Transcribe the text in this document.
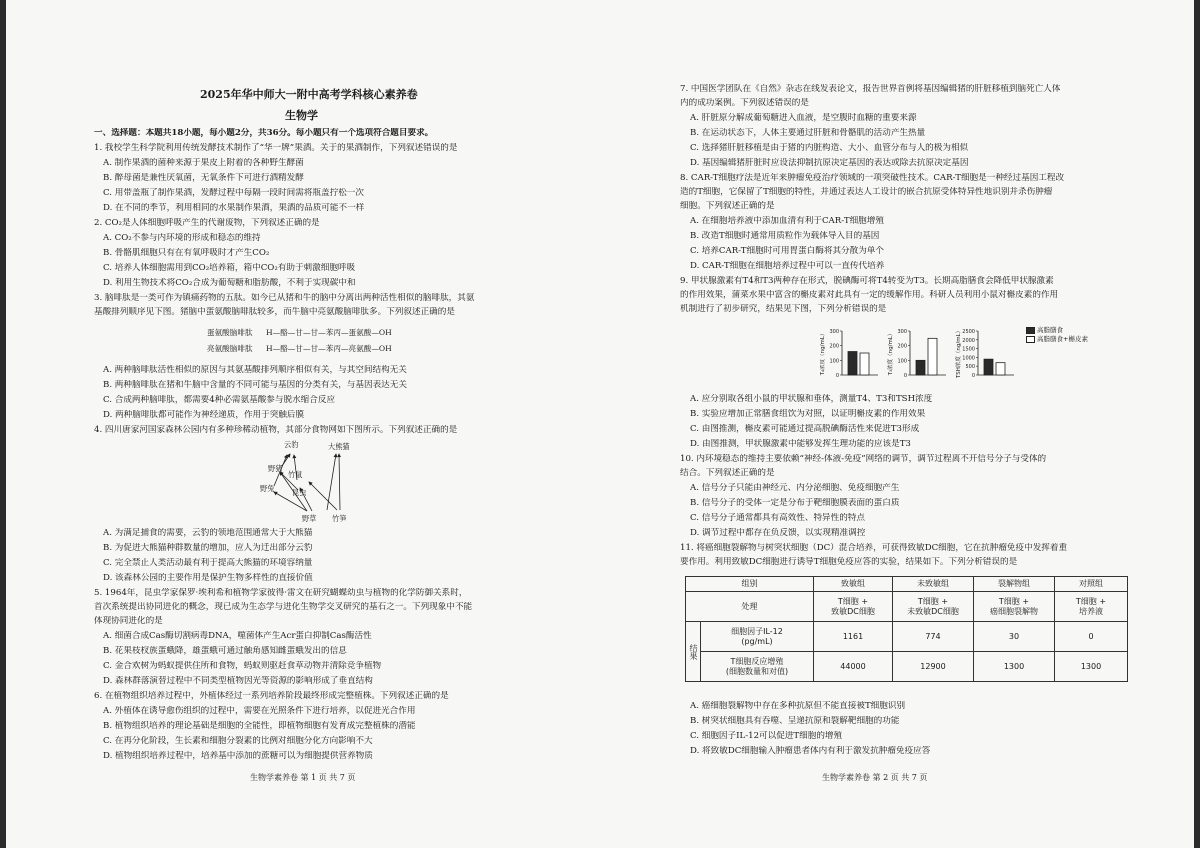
2025年华中师大一附中高考学科核心素养卷
生物学
一、选择题：本题共18小题，每小题2分，共36分。每小题只有一个选项符合题目要求。
1. 我校学生科学院利用传统发酵技术制作了“华一牌”果酒。关于的果酒制作，下列叙述错误的是
A. 制作果酒的菌种来源于果皮上附着的各种野生酵菌
B. 醉母菌是兼性厌氧菌，无氧条件下可进行酒精发酵
C. 用带盖瓶了制作果酒，发酵过程中每隔一段时间需将瓶盖拧松一次
D. 在不同的季节，利用相同的水果制作果酒，果酒的品质可能不一样
2. CO₂是人体细胞呼吸产生的代谢废物，下列叙述正确的是
A. CO₂不参与内环境的形成和稳态的维持
B. 骨骼肌细胞只有在有氧呼吸时才产生CO₂
C. 培养人体细胞需用到CO₂培养箱，箱中CO₂有助于刺激细胞呼吸
D. 利用生物技术将CO₂合成为葡萄糖和脂肪酸，不利于实现碳中和
3. 脑啡肽是一类可作为镇痛药物的五肽。如今已从猪和牛的脑中分离出两种活性相似的脑啡肽，其氨
基酸排列顺序见下图。猪脑中蛋氨酸脑啡肽较多，而牛脑中亮氨酸脑啡肽多。下列叙述正确的是
蛋氨酸脑啡肽 H—酪—甘—甘—苯丙—蛋氨酸—OH
亮氨酸脑啡肽 H—酪—甘—甘—苯丙—亮氨酸—OH
A. 两种脑啡肽活性相似的原因与其氨基酸排列顺序相似有关，与其空间结构无关
B. 两种脑啡肽在猪和牛脑中含量的不同可能与基因的分类有关，与基因表达无关
C. 合成两种脑啡肽，都需要4种必需氨基酸参与脱水缩合反应
D. 两种脑啡肽都可能作为神经递质，作用于突触后膜
4. 四川唐家河国家森林公园内有多种珍稀动植物，其部分食物网如下图所示。下列叙述正确的是
云豹	大熊猫
野猪
竹鼠
野兔 昆虫
野草 竹笋
A. 为满足捕食的需要，云豹的领地范围通常大于大熊猫
B. 为促进大熊猫种群数量的增加，应人为迁出部分云豹
C. 完全禁止人类活动最有利于提高大熊猫的环境容纳量
D. 该森林公园的主要作用是保护生物多样性的直接价值
5. 1964年，昆虫学家保罗·埃利希和植物学家彼得·雷文在研究蝴蝶幼虫与植物的化学防御关系时，
首次系统提出协同进化的概念，现已成为生态学与进化生物学交叉研究的基石之一。下列现象中不能
体现协同进化的是
A. 细菌合成Cas酶切割病毒DNA，噬菌体产生Acr蛋白抑制Cas酶活性
B. 花果枝杈族蛋蛾降，雄蛋蛾可通过触角感知雌蛋蛾发出的信息
C. 金合欢树为蚂蚁提供住所和食物，蚂蚁则驱赶食草动物并清除竞争植物
D. 森林群落演替过程中不同类型植物因光等资源的影响形成了垂直结构
6. 在植物组织培养过程中，外植体经过一系列培养阶段最终形成完整植株。下列叙述正确的是
A. 外植体在诱导愈伤组织的过程中，需要在光照条件下进行培养，以促进光合作用
B. 植物组织培养的理论基础是细胞的全能性，即植物细胞有发育成完整植株的潜能
C. 在再分化阶段，生长素和细胞分裂素的比例对细胞分化方向影响不大
D. 植物组织培养过程中，培养基中添加的蔗糖可以为细胞提供营养物质
生物学素养卷 第 1 页 共 7 页
7. 中国医学团队在《自然》杂志在线发表论文，报告世界首例将基因编辑猪的肝脏移植到脑死亡人体
内的成功案例。下列叙述错误的是
A. 肝脏原分解成葡萄糖进入血液，是空腹时血糖的重要来源
B. 在运动状态下，人体主要通过肝脏和骨骼肌的活动产生热量
C. 选择猪肝脏移植是由于猪的内脏构造、大小、血管分布与人的极为相似
D. 基因编辑猪肝脏时应设法抑制抗原决定基因的表达或除去抗原决定基因
8. CAR-T细胞疗法是近年来肿瘤免疫治疗领域的一项突破性技术。CAR-T细胞是一种经过基因工程改
造的T细胞，它保留了T细胞的特性，并通过表达人工设计的嵌合抗原受体特异性地识别并杀伤肿瘤
细胞。下列叙述正确的是
A. 在细胞培养液中添加血清有利于CAR-T细胞增殖
B. 改造T细胞时通常用质粒作为载体导入目的基因
C. 培养CAR-T细胞时可用胃蛋白酶将其分散为单个
D. CAR-T细胞在细胞培养过程中可以一直传代培养
9. 甲状腺激素有T4和T3两种存在形式，脱碘酶可将T4转变为T3。长期高脂膳食会降低甲状腺激素
的作用效果，蒲菜水果中富含的槲皮素对此具有一定的缓解作用。科研人员利用小鼠对槲皮素的作用
机制进行了初步研究，结果见下图，下列分析错误的是
300
200
100
0
T₄浓度（ng/mL）	300
200
100
0
T₃浓度（ng/mL）	2500
2000
1500
1000
500
0
TSH浓度（ng/mL）	高脂膳食
高脂膳食+槲皮素
A. 应分别取各组小鼠的甲状腺和垂体，测量T4、T3和TSH浓度
B. 实验应增加正常膳食组饮为对照，以证明槲皮素的作用效果
C. 由图推测，槲皮素可能通过提高脱碘酶活性来促进T3形成
D. 由图推测，甲状腺激素中能够发挥生理功能的应该是T3
10. 内环境稳态的维持主要依赖“神经-体液-免疫”网络的调节，调节过程离不开信号分子与受体的
结合。下列叙述正确的是
A. 信号分子只能由神经元、内分泌细胞、免疫细胞产生
B. 信号分子的受体一定是分布于靶细胞膜表面的蛋白质
C. 信号分子通常都具有高效性、特异性的特点
D. 调节过程中都存在负反馈，以实现精准调控
11. 将癌细胞裂解物与树突状细胞（DC）混合培养，可获得致敏DC细胞，它在抗肿瘤免疫中发挥着重
要作用。利用致敏DC细胞进行诱导T细胞免疫应答的实验，结果如下。下列分析错误的是
组别		致敏组	未致敏组	裂解物组	对照组
处理		T细胞 +
致敏DC细胞	T细胞 +
未致敏DC细胞	T细胞 +
癌细胞裂解物	T细胞 +
培养液
结果	细胞因子IL-12
(pg/mL)	1161	774	30	0
	T细胞反应增殖
(细胞数量和对值)	44000	12900	1300	1300
A. 癌细胞裂解物中存在多种抗原但不能直接被T细胞识别
B. 树突状细胞具有吞噬、呈递抗原和裂解靶细胞的功能
C. 细胞因子IL-12可以促进T细胞的增殖
D. 将致敏DC细胞输入肿瘤患者体内有利于激发抗肿瘤免疫应答
生物学素养卷 第 2 页 共 7 页
